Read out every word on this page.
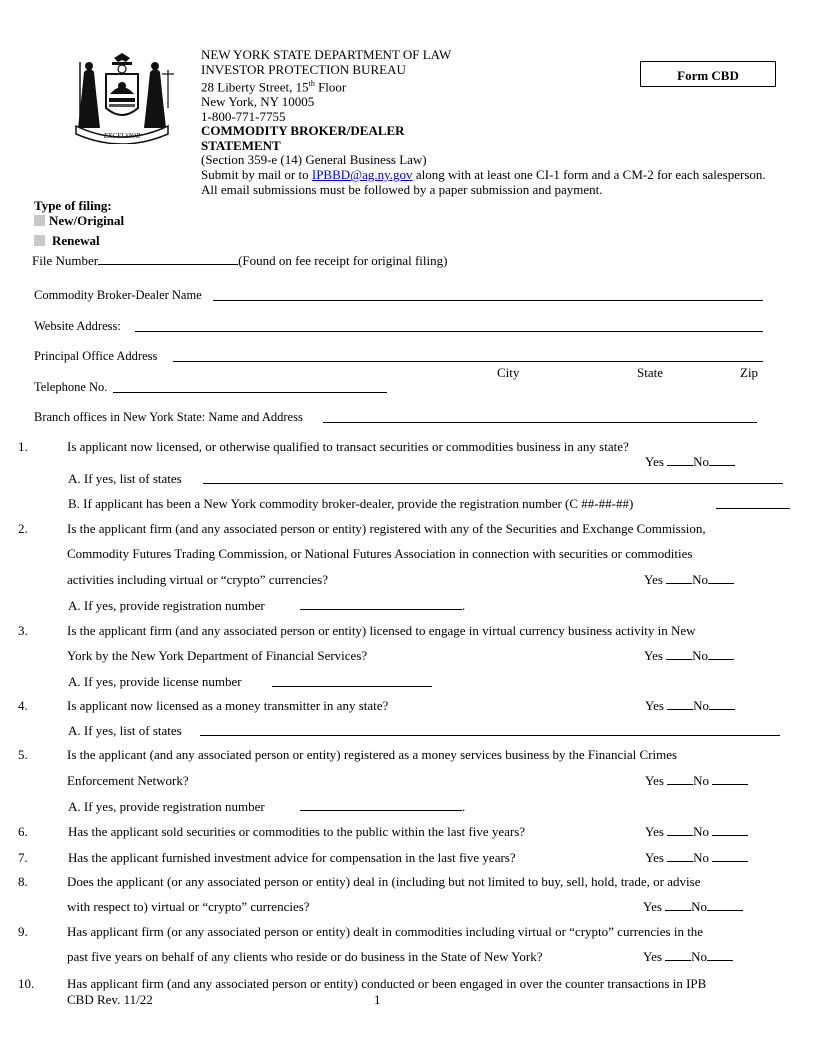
EXCELSIOR
NEW YORK STATE DEPARTMENT OF LAW
INVESTOR PROTECTION BUREAU
28 Liberty Street, 15th Floor
New York, NY 10005
1-800-771-7755
COMMODITY BROKER/DEALER
STATEMENT
(Section 359-e (14) General Business Law)
Submit by mail or to IPBBD@ag.ny.gov along with at least one CI-1 form and a CM-2 for each salesperson.
All email submissions must be followed by a paper submission and payment.
Form CBD
Type of filing:
New/Original
Renewal
File Number	(Found on fee receipt for original filing)
Commodity Broker-Dealer Name
Website Address:
Principal Office Address
City	State	Zip
Telephone No.
Branch offices in New York State: Name and Address
1.	Is applicant now licensed, or otherwise qualified to transact securities or commodities business in any state?
Yes No
A. If yes, list of states
B. If applicant has been a New York commodity broker-dealer, provide the registration number (C ##-##-##)
2.	Is the applicant firm (and any associated person or entity) registered with any of the Securities and Exchange Commission,
Commodity Futures Trading Commission, or National Futures Association in connection with securities or commodities
activities including virtual or “crypto” currencies?	Yes No
A. If yes, provide registration number	.
3.	Is the applicant firm (and any associated person or entity) licensed to engage in virtual currency business activity in New
York by the New York Department of Financial Services?	Yes No
A. If yes, provide license number
4.	Is applicant now licensed as a money transmitter in any state?	Yes No
A. If yes, list of states
5.	Is the applicant (and any associated person or entity) registered as a money services business by the Financial Crimes
Enforcement Network?	Yes No
A. If yes, provide registration number	.
6.	Has the applicant sold securities or commodities to the public within the last five years?	Yes No
7.	Has the applicant furnished investment advice for compensation in the last five years?	Yes No
8.	Does the applicant (or any associated person or entity) deal in (including but not limited to buy, sell, hold, trade, or advise
with respect to) virtual or “crypto” currencies?	Yes No
9.	Has applicant firm (or any associated person or entity) dealt in commodities including virtual or “crypto” currencies in the
past five years on behalf of any clients who reside or do business in the State of New York?	Yes No
10.	Has applicant firm (and any associated person or entity) conducted or been engaged in over the counter transactions in IPB
CBD Rev. 11/22	1
